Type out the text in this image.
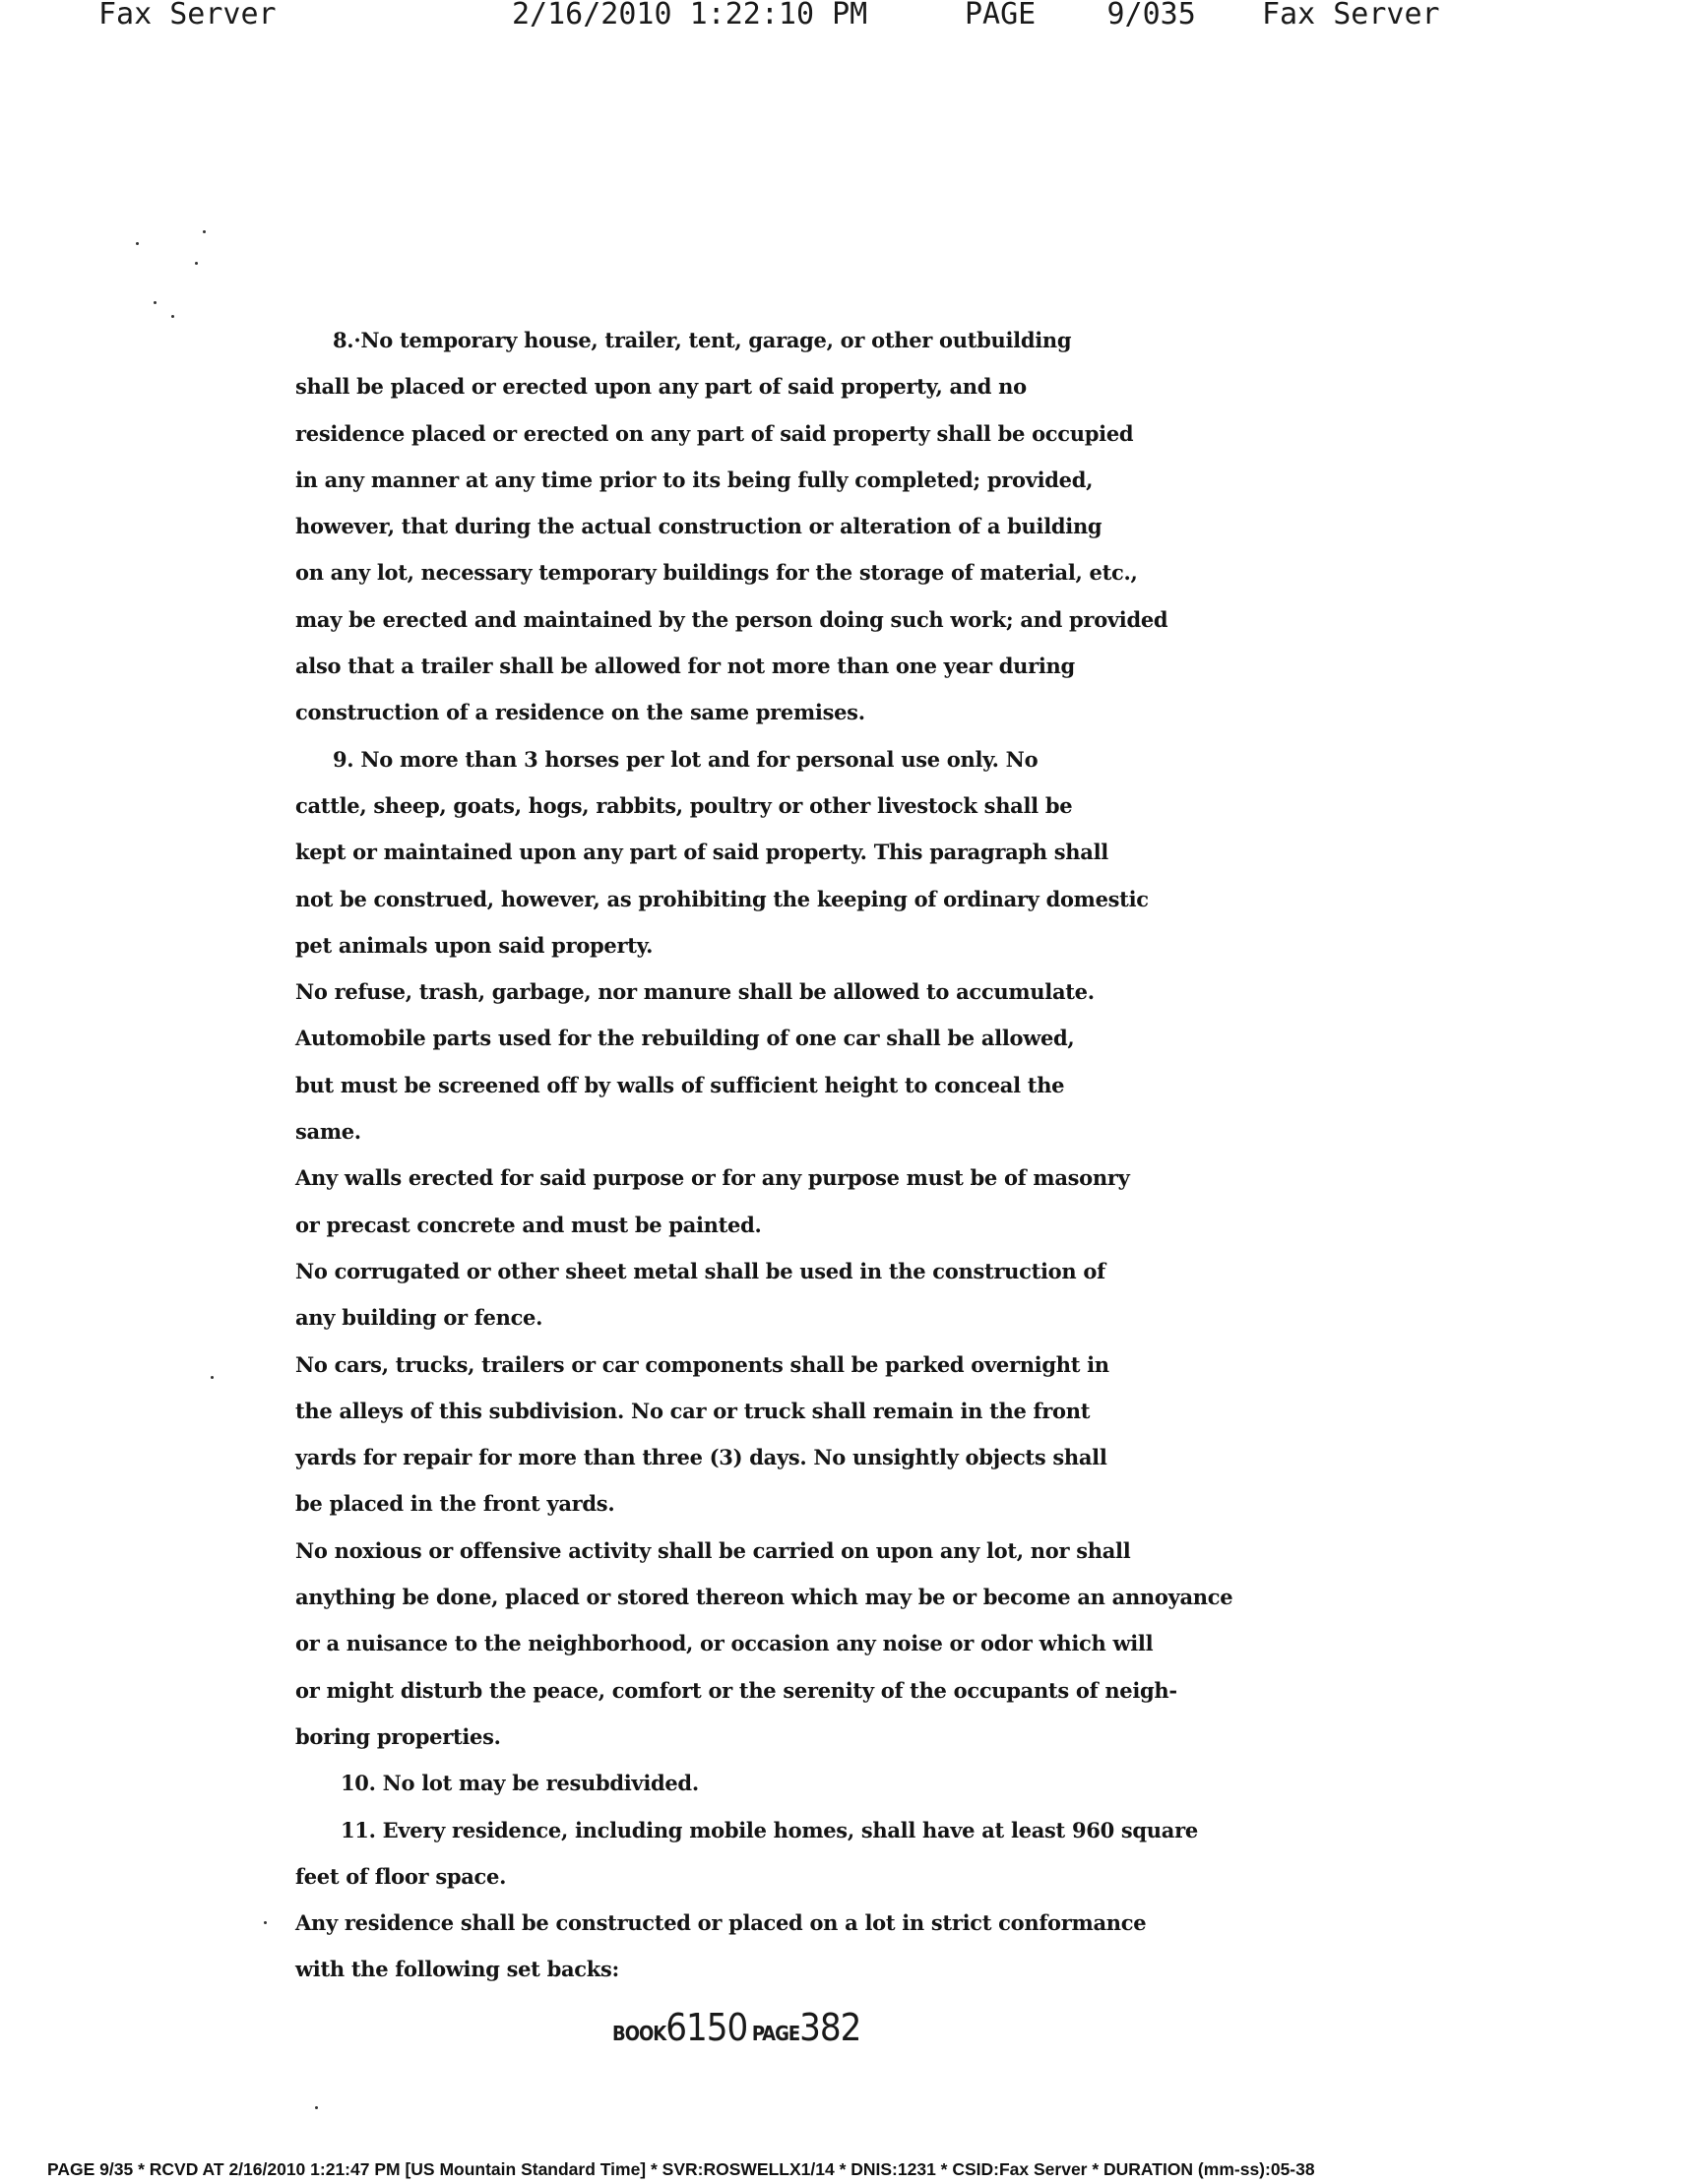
Fax Server	2/16/2010 1:22:10 PM	PAGE    9/035 Fax Server
8.·No temporary house, trailer, tent, garage, or other outbuilding
shall be placed or erected upon any part of said property, and no
residence placed or erected on any part of said property shall be occupied
in any manner at any time prior to its being fully completed; provided,
however, that during the actual construction or alteration of a building
on any lot, necessary temporary buildings for the storage of material, etc.,
may be erected and maintained by the person doing such work; and provided
also that a trailer shall be allowed for not more than one year during
construction of a residence on the same premises.
9. No more than 3 horses per lot and for personal use only. No
cattle, sheep, goats, hogs, rabbits, poultry or other livestock shall be
kept or maintained upon any part of said property. This paragraph shall
not be construed, however, as prohibiting the keeping of ordinary domestic
pet animals upon said property.
No refuse, trash, garbage, nor manure shall be allowed to accumulate.
Automobile parts used for the rebuilding of one car shall be allowed,
but must be screened off by walls of sufficient height to conceal the
same.
Any walls erected for said purpose or for any purpose must be of masonry
or precast concrete and must be painted.
No corrugated or other sheet metal shall be used in the construction of
any building or fence.
No cars, trucks, trailers or car components shall be parked overnight in
the alleys of this subdivision. No car or truck shall remain in the front
yards for repair for more than three (3) days. No unsightly objects shall
be placed in the front yards.
No noxious or offensive activity shall be carried on upon any lot, nor shall
anything be done, placed or stored thereon which may be or become an annoyance
or a nuisance to the neighborhood, or occasion any noise or odor which will
or might disturb the peace, comfort or the serenity of the occupants of neigh-
boring properties.
10. No lot may be resubdivided.
11. Every residence, including mobile homes, shall have at least 960 square
feet of floor space.
Any residence shall be constructed or placed on a lot in strict conformance
with the following set backs:
BOOK6150 PAGE382
PAGE 9/35 * RCVD AT 2/16/2010 1:21:47 PM [US Mountain Standard Time] * SVR:ROSWELLX1/14 * DNIS:1231 * CSID:Fax Server * DURATION (mm-ss):05-38
